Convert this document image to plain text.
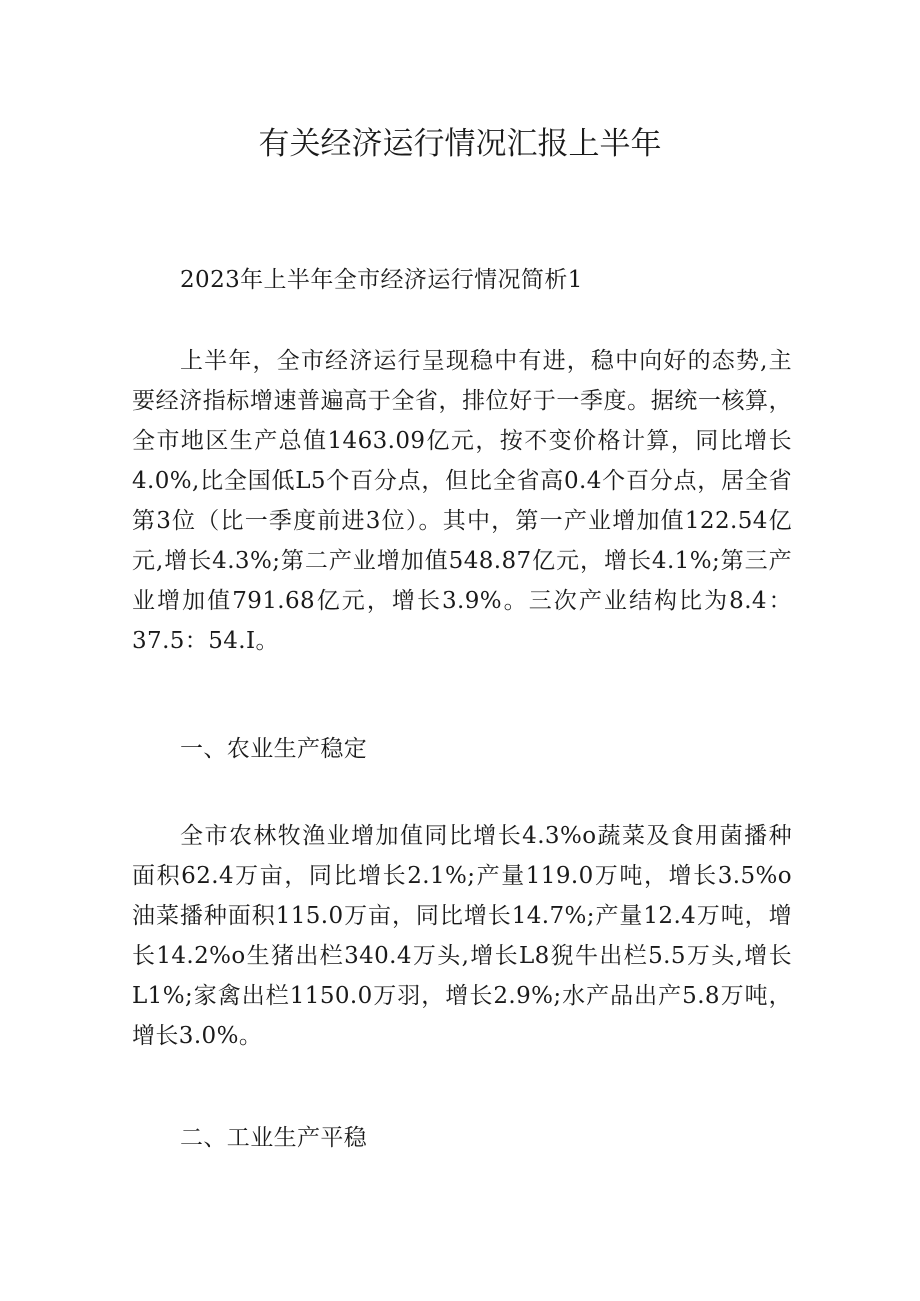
有关经济运行情况汇报上半年

2023年上半年全市经济运行情况简析1

上半年，全市经济运行呈现稳中有进，稳中向好的态势,主要经济指标增速普遍高于全省，排位好于一季度。据统一核算，全市地区生产总值1463.09亿元，按不变价格计算，同比增长4.0%,比全国低L5个百分点，但比全省高0.4个百分点，居全省第3位（比一季度前进3位）。其中，第一产业增加值122.54亿元,增长4.3%;第二产业增加值548.87亿元，增长4.1%;第三产业增加值791.68亿元，增长3.9%。三次产业结构比为8.4：37.5：54.I。

一、农业生产稳定

全市农林牧渔业增加值同比增长4.3%o蔬菜及食用菌播种面积62.4万亩，同比增长2.1%;产量119.0万吨，增长3.5%o油菜播种面积115.0万亩，同比增长14.7%;产量12.4万吨，增长14.2%o生猪出栏340.4万头,增长L8猊牛出栏5.5万头,增长L1%;家禽出栏1150.0万羽，增长2.9%;水产品出产5.8万吨，增长3.0%。

二、工业生产平稳
